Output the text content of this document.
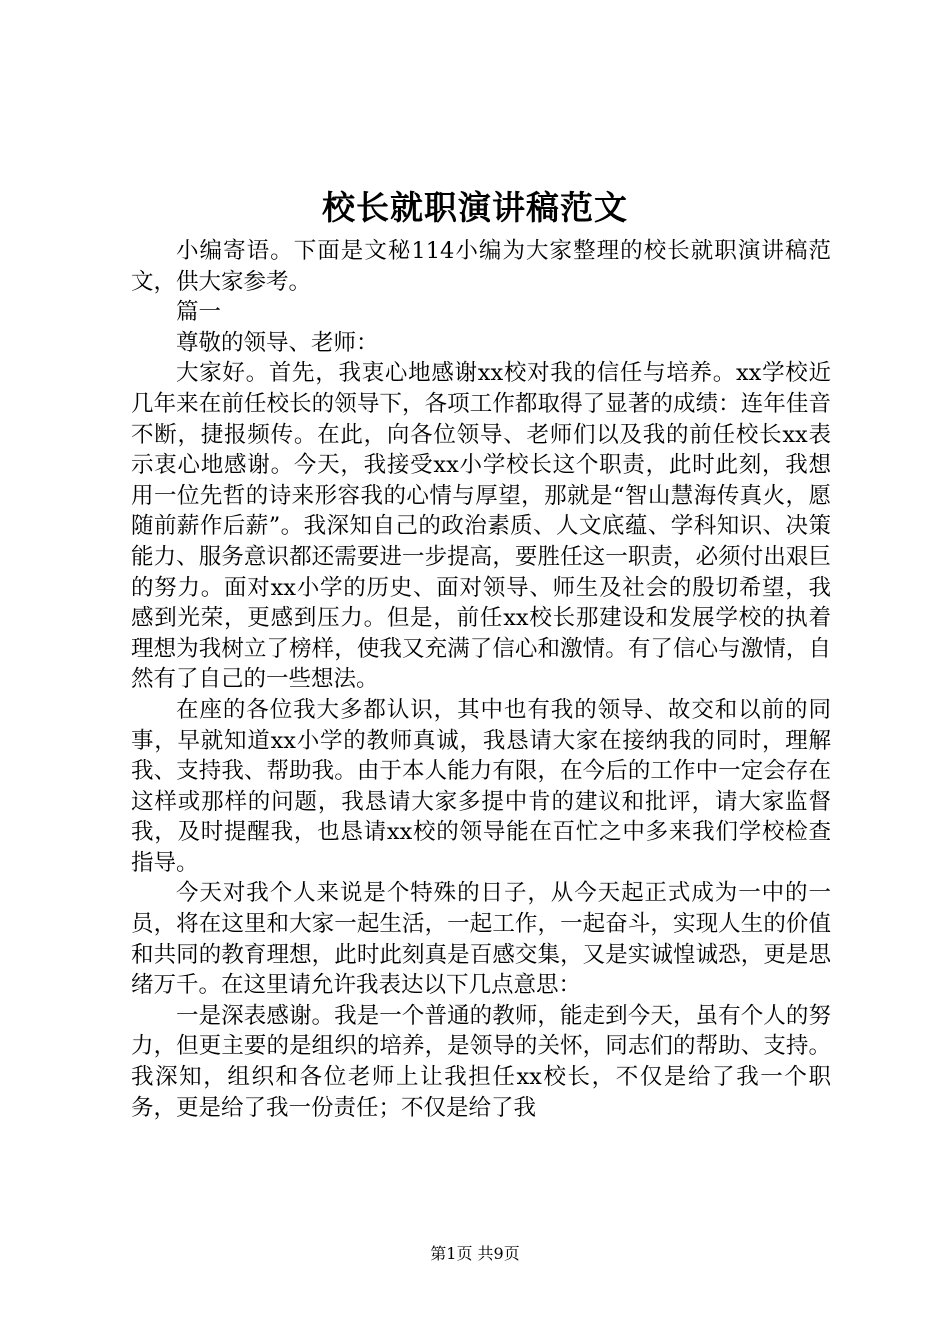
校长就职演讲稿范文

小编寄语。下面是文秘114小编为大家整理的校长就职演讲稿范文，供大家参考。

篇一

尊敬的领导、老师：

大家好。首先，我衷心地感谢xx校对我的信任与培养。xx学校近几年来在前任校长的领导下，各项工作都取得了显著的成绩：连年佳音不断，捷报频传。在此，向各位领导、老师们以及我的前任校长xx表示衷心地感谢。今天，我接受xx小学校长这个职责，此时此刻，我想用一位先哲的诗来形容我的心情与厚望，那就是“智山慧海传真火，愿随前薪作后薪”。我深知自己的政治素质、人文底蕴、学科知识、决策能力、服务意识都还需要进一步提高，要胜任这一职责，必须付出艰巨的努力。面对xx小学的历史、面对领导、师生及社会的殷切希望，我感到光荣，更感到压力。但是，前任xx校长那建设和发展学校的执着理想为我树立了榜样，使我又充满了信心和激情。有了信心与激情，自然有了自己的一些想法。

在座的各位我大多都认识，其中也有我的领导、故交和以前的同事，早就知道xx小学的教师真诚，我恳请大家在接纳我的同时，理解我、支持我、帮助我。由于本人能力有限，在今后的工作中一定会存在这样或那样的问题，我恳请大家多提中肯的建议和批评，请大家监督我，及时提醒我，也恳请xx校的领导能在百忙之中多来我们学校检查指导。

今天对我个人来说是个特殊的日子，从今天起正式成为一中的一员，将在这里和大家一起生活，一起工作，一起奋斗，实现人生的价值和共同的教育理想，此时此刻真是百感交集，又是实诚惶诚恐，更是思绪万千。在这里请允许我表达以下几点意思：

一是深表感谢。我是一个普通的教师，能走到今天，虽有个人的努力，但更主要的是组织的培养，是领导的关怀，同志们的帮助、支持。我深知，组织和各位老师上让我担任xx校长，不仅是给了我一个职务，更是给了我一份责任；不仅是给了我

第1页 共9页
